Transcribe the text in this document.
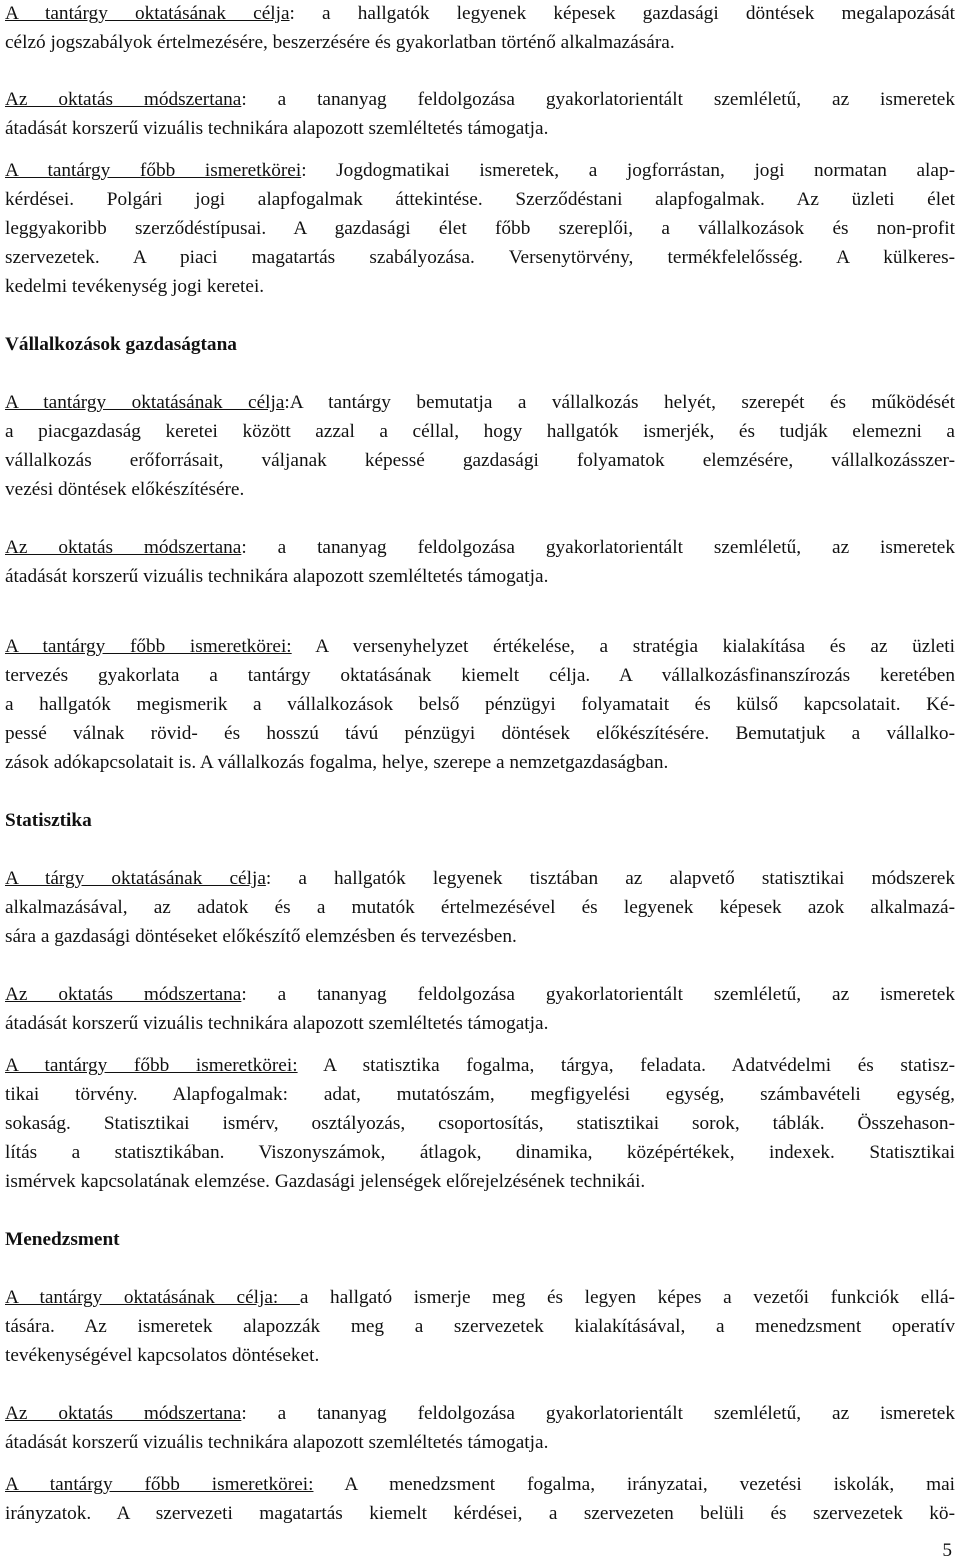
A tantárgy oktatásának célja: a hallgatók legyenek képesek gazdasági döntések megalapozását
célzó jogszabályok értelmezésére, beszerzésére és gyakorlatban történő alkalmazására.
Az oktatás módszertana: a tananyag feldolgozása gyakorlatorientált szemléletű, az ismeretek
átadását korszerű vizuális technikára alapozott szemléltetés támogatja.
A tantárgy főbb ismeretkörei: Jogdogmatikai ismeretek, a jogforrástan, jogi normatan alap-
kérdései. Polgári jogi alapfogalmak áttekintése. Szerződéstani alapfogalmak. Az üzleti élet
leggyakoribb szerződéstípusai. A gazdasági élet főbb szereplői, a vállalkozások és non-profit
szervezetek. A piaci magatartás szabályozása. Versenytörvény, termékfelelősség. A külkeres-
kedelmi tevékenység jogi keretei.
Vállalkozások gazdaságtana
A tantárgy oktatásának célja:A tantárgy bemutatja a vállalkozás helyét, szerepét és működését
a piacgazdaság keretei között azzal a céllal, hogy hallgatók ismerjék, és tudják elemezni a
vállalkozás erőforrásait, váljanak képessé gazdasági folyamatok elemzésére, vállalkozásszer-
vezési döntések előkészítésére.
Az oktatás módszertana: a tananyag feldolgozása gyakorlatorientált szemléletű, az ismeretek
átadását korszerű vizuális technikára alapozott szemléltetés támogatja.
A tantárgy főbb ismeretkörei: A versenyhelyzet értékelése, a stratégia kialakítása és az üzleti
tervezés gyakorlata a tantárgy oktatásának kiemelt célja. A vállalkozásfinanszírozás keretében
a hallgatók megismerik a vállalkozások belső pénzügyi folyamatait és külső kapcsolatait. Ké-
pessé válnak rövid- és hosszú távú pénzügyi döntések előkészítésére. Bemutatjuk a vállalko-
zások adókapcsolatait is. A vállalkozás fogalma, helye, szerepe a nemzetgazdaságban.
Statisztika
A tárgy oktatásának célja: a hallgatók legyenek tisztában az alapvető statisztikai módszerek
alkalmazásával, az adatok és a mutatók értelmezésével és legyenek képesek azok alkalmazá-
sára a gazdasági döntéseket előkészítő elemzésben és tervezésben.
Az oktatás módszertana: a tananyag feldolgozása gyakorlatorientált szemléletű, az ismeretek
átadását korszerű vizuális technikára alapozott szemléltetés támogatja.
A tantárgy főbb ismeretkörei: A statisztika fogalma, tárgya, feladata. Adatvédelmi és statisz-
tikai törvény. Alapfogalmak: adat, mutatószám, megfigyelési egység, számbavételi egység,
sokaság. Statisztikai ismérv, osztályozás, csoportosítás, statisztikai sorok, táblák. Összehason-
lítás a statisztikában. Viszonyszámok, átlagok, dinamika, középértékek, indexek. Statisztikai
ismérvek kapcsolatának elemzése. Gazdasági jelenségek előrejelzésének technikái.
Menedzsment
A tantárgy oktatásának célja: a hallgató ismerje meg és legyen képes a vezetői funkciók ellá-
tására. Az ismeretek alapozzák meg a szervezetek kialakításával, a menedzsment operatív
tevékenységével kapcsolatos döntéseket.
Az oktatás módszertana: a tananyag feldolgozása gyakorlatorientált szemléletű, az ismeretek
átadását korszerű vizuális technikára alapozott szemléltetés támogatja.
A tantárgy főbb ismeretkörei: A menedzsment fogalma, irányzatai, vezetési iskolák, mai
irányzatok. A szervezeti magatartás kiemelt kérdései, a szervezeten belüli és szervezetek kö-
5
